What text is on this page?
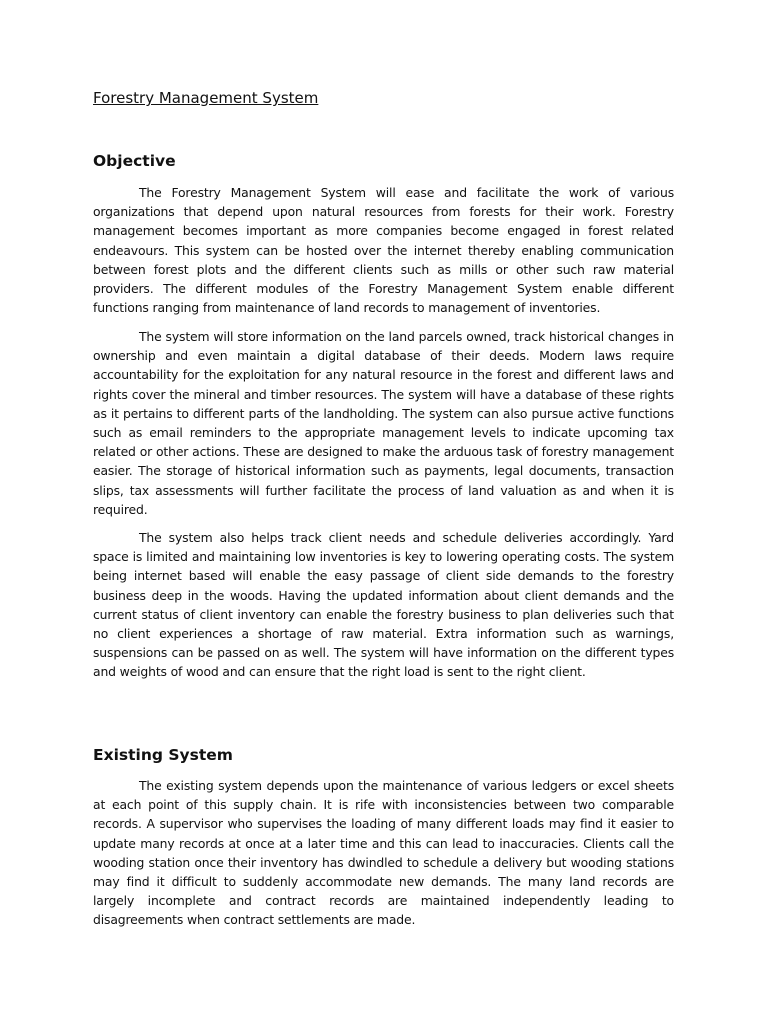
Forestry Management System
Objective

The Forestry Management System will ease and facilitate the work of various organizations that depend upon natural resources from forests for their work. Forestry management becomes important as more companies become engaged in forest related endeavours. This system can be hosted over the internet thereby enabling communication between forest plots and the different clients such as mills or other such raw material providers. The different modules of the Forestry Management System enable different functions ranging from maintenance of land records to management of inventories.

The system will store information on the land parcels owned, track historical changes in ownership and even maintain a digital database of their deeds. Modern laws require accountability for the exploitation for any natural resource in the forest and different laws and rights cover the mineral and timber resources. The system will have a database of these rights as it pertains to different parts of the landholding. The system can also pursue active functions such as email reminders to the appropriate management levels to indicate upcoming tax related or other actions. These are designed to make the arduous task of forestry management easier. The storage of historical information such as payments, legal documents, transaction slips, tax assessments will further facilitate the process of land valuation as and when it is required.

The system also helps track client needs and schedule deliveries accordingly. Yard space is limited and maintaining low inventories is key to lowering operating costs. The system being internet based will enable the easy passage of client side demands to the forestry business deep in the woods. Having the updated information about client demands and the current status of client inventory can enable the forestry business to plan deliveries such that no client experiences a shortage of raw material. Extra information such as warnings, suspensions can be passed on as well. The system will have information on the different types and weights of wood and can ensure that the right load is sent to the right client.

Existing System

The existing system depends upon the maintenance of various ledgers or excel sheets at each point of this supply chain. It is rife with inconsistencies between two comparable records. A supervisor who supervises the loading of many different loads may find it easier to update many records at once at a later time and this can lead to inaccuracies. Clients call the wooding station once their inventory has dwindled to schedule a delivery but wooding stations may find it difficult to suddenly accommodate new demands. The many land records are largely incomplete and contract records are maintained independently leading to disagreements when contract settlements are made.
